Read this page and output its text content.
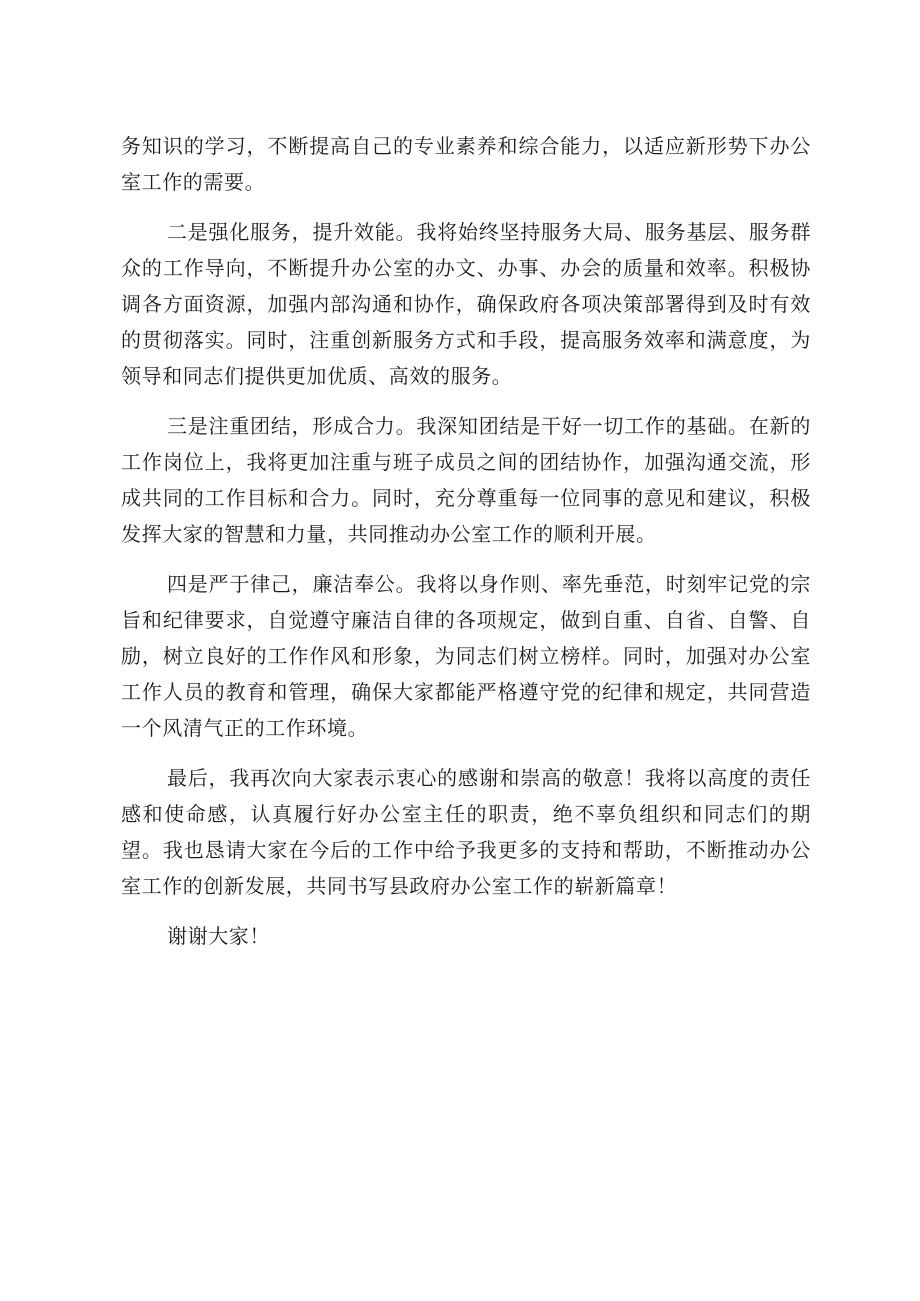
务知识的学习，不断提高自己的专业素养和综合能力，以适应新形势下办公室工作的需要。

二是强化服务，提升效能。我将始终坚持服务大局、服务基层、服务群众的工作导向，不断提升办公室的办文、办事、办会的质量和效率。积极协调各方面资源，加强内部沟通和协作，确保政府各项决策部署得到及时有效的贯彻落实。同时，注重创新服务方式和手段，提高服务效率和满意度，为领导和同志们提供更加优质、高效的服务。

三是注重团结，形成合力。我深知团结是干好一切工作的基础。在新的工作岗位上，我将更加注重与班子成员之间的团结协作，加强沟通交流，形成共同的工作目标和合力。同时，充分尊重每一位同事的意见和建议，积极发挥大家的智慧和力量，共同推动办公室工作的顺利开展。

四是严于律己，廉洁奉公。我将以身作则、率先垂范，时刻牢记党的宗旨和纪律要求，自觉遵守廉洁自律的各项规定，做到自重、自省、自警、自励，树立良好的工作作风和形象，为同志们树立榜样。同时，加强对办公室工作人员的教育和管理，确保大家都能严格遵守党的纪律和规定，共同营造一个风清气正的工作环境。

最后，我再次向大家表示衷心的感谢和崇高的敬意！我将以高度的责任感和使命感，认真履行好办公室主任的职责，绝不辜负组织和同志们的期望。我也恳请大家在今后的工作中给予我更多的支持和帮助，不断推动办公室工作的创新发展，共同书写县政府办公室工作的崭新篇章！

谢谢大家！
